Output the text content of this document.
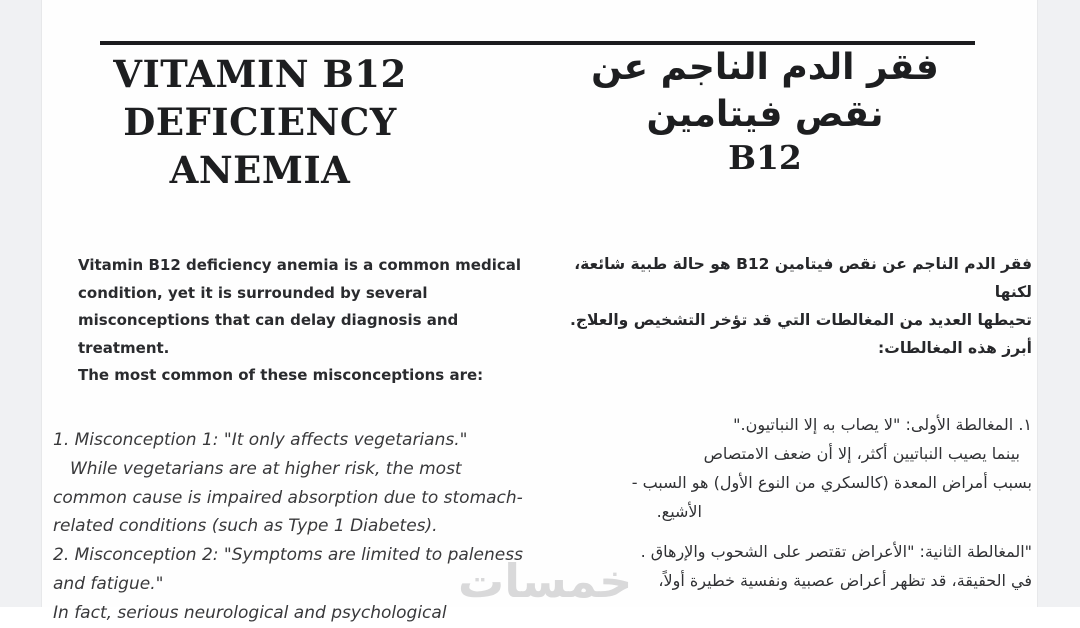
VITAMIN B12
DEFICIENCY
ANEMIA
فقر الدم الناجم عن
نقص فيتامين
B12
Vitamin B12 deficiency anemia is a common medical
condition, yet it is surrounded by several
misconceptions that can delay diagnosis and
treatment.
The most common of these misconceptions are:
فقر الدم الناجم عن نقص فيتامين B12 هو حالة طبية شائعة، لكنها
تحيطها العديد من المغالطات التي قد تؤخر التشخيص والعلاج.
أبرز هذه المغالطات:
1. Misconception 1: "It only affects vegetarians."
While vegetarians are at higher risk, the most
common cause is impaired absorption due to stomach-
related conditions (such as Type 1 Diabetes).
2. Misconception 2: "Symptoms are limited to paleness
and fatigue."
In fact, serious neurological and psychological
١. المغالطة الأولى: "لا يصاب به إلا النباتيون."
بينما يصيب النباتيين أكثر، إلا أن ضعف الامتصاص
بسبب أمراض المعدة (كالسكري من النوع الأول) هو السبب -
الأشيع.
"المغالطة الثانية: "الأعراض تقتصر على الشحوب والإرهاق .
في الحقيقة، قد تظهر أعراض عصبية ونفسية خطيرة أولاً،
خمسات
